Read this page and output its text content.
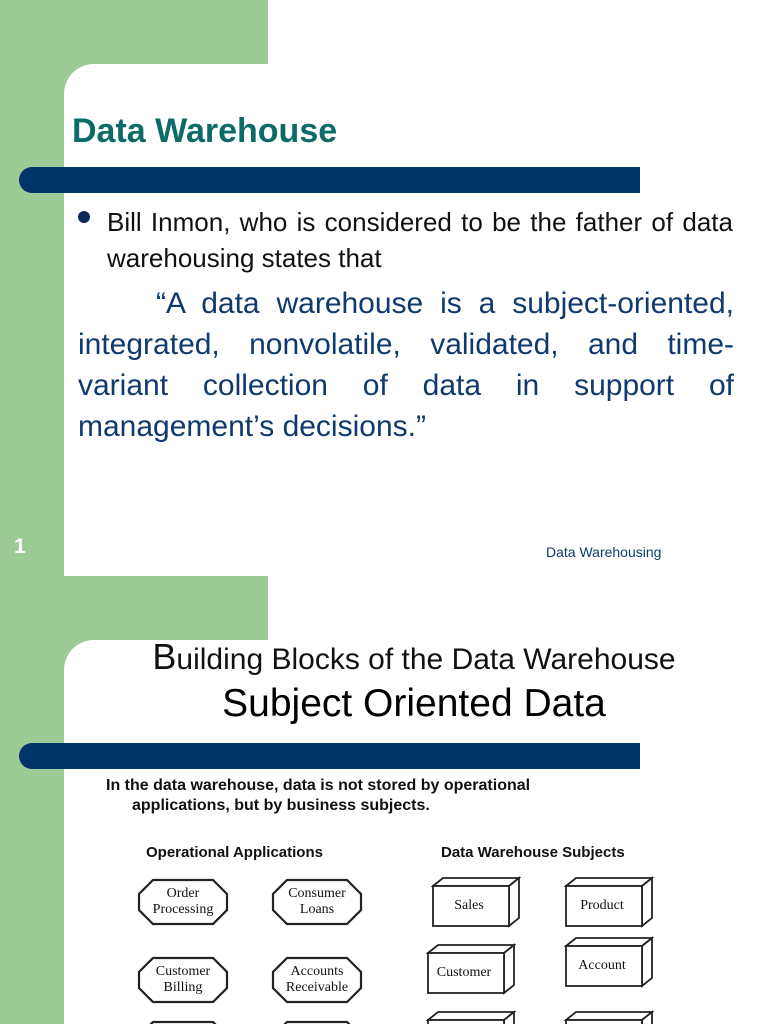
Data Warehouse
Bill Inmon, who is considered to be the father of data warehousing states that
“A data warehouse is a subject-oriented, integrated, nonvolatile, validated, and time-variant collection of data in support of management’s decisions.”
1	Data Warehousing
Building Blocks of the Data Warehouse
Subject Oriented Data
In the data warehouse, data is not stored by operational
applications, but by business subjects.
Operational Applications	Data Warehouse Subjects
Order
Processing
Consumer
Loans
Customer
Billing
Accounts
Receivable
Sales	Product
Customer	Account
